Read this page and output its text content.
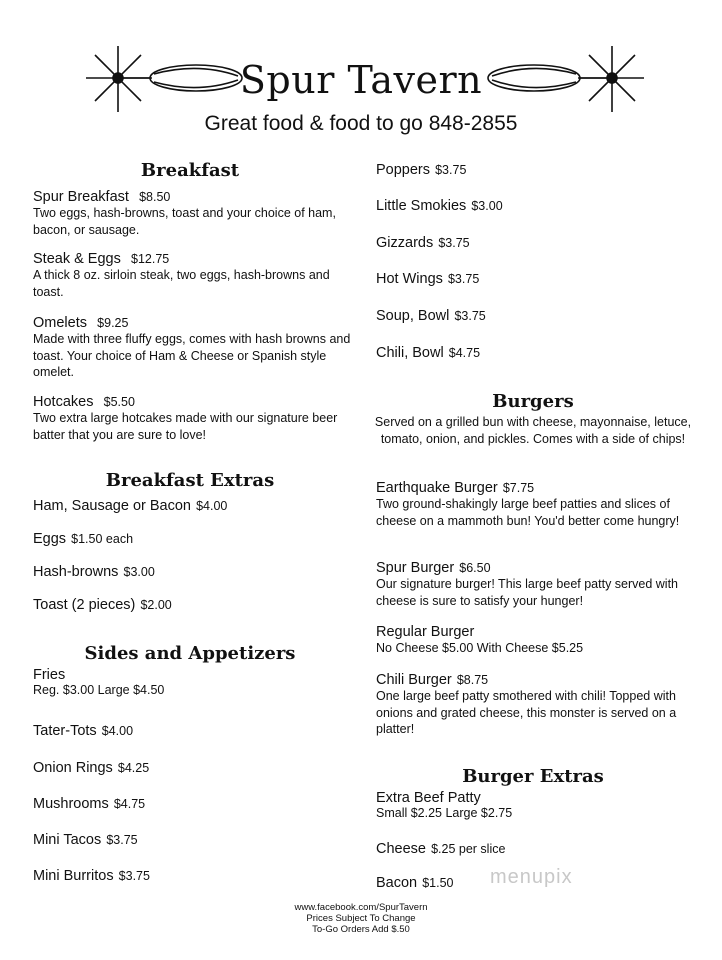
Spur Tavern
Great food & food to go 848-2855
Breakfast
Spur Breakfast $8.50
Two eggs, hash-browns, toast and your choice of ham, bacon, or sausage.
Steak & Eggs $12.75
A thick 8 oz. sirloin steak, two eggs, hash-browns and toast.
Omelets $9.25
Made with three fluffy eggs, comes with hash browns and toast. Your choice of Ham & Cheese or Spanish style omelet.
Hotcakes $5.50
Two extra large hotcakes made with our signature beer batter that you are sure to love!
Breakfast Extras
Ham, Sausage or Bacon $4.00
Eggs $1.50 each
Hash-browns $3.00
Toast (2 pieces) $2.00
Sides and Appetizers
Fries
Reg. $3.00 Large $4.50
Tater-Tots $4.00
Onion Rings $4.25
Mushrooms $4.75
Mini Tacos $3.75
Mini Burritos $3.75
Poppers $3.75
Little Smokies $3.00
Gizzards $3.75
Hot Wings $3.75
Soup, Bowl $3.75
Chili, Bowl $4.75
Burgers
Served on a grilled bun with cheese, mayonnaise, letuce, tomato, onion, and pickles. Comes with a side of chips!
Earthquake Burger $7.75
Two ground-shakingly large beef patties and slices of cheese on a mammoth bun! You'd better come hungry!
Spur Burger $6.50
Our signature burger! This large beef patty served with cheese is sure to satisfy your hunger!
Regular Burger
No Cheese $5.00 With Cheese $5.25
Chili Burger $8.75
One large beef patty smothered with chili! Topped with onions and grated cheese, this monster is served on a platter!
Burger Extras
Extra Beef Patty
Small $2.25 Large $2.75
Cheese $.25 per slice
Bacon $1.50 menupix
www.facebook.com/SpurTavern
Prices Subject To Change
To-Go Orders Add $.50
